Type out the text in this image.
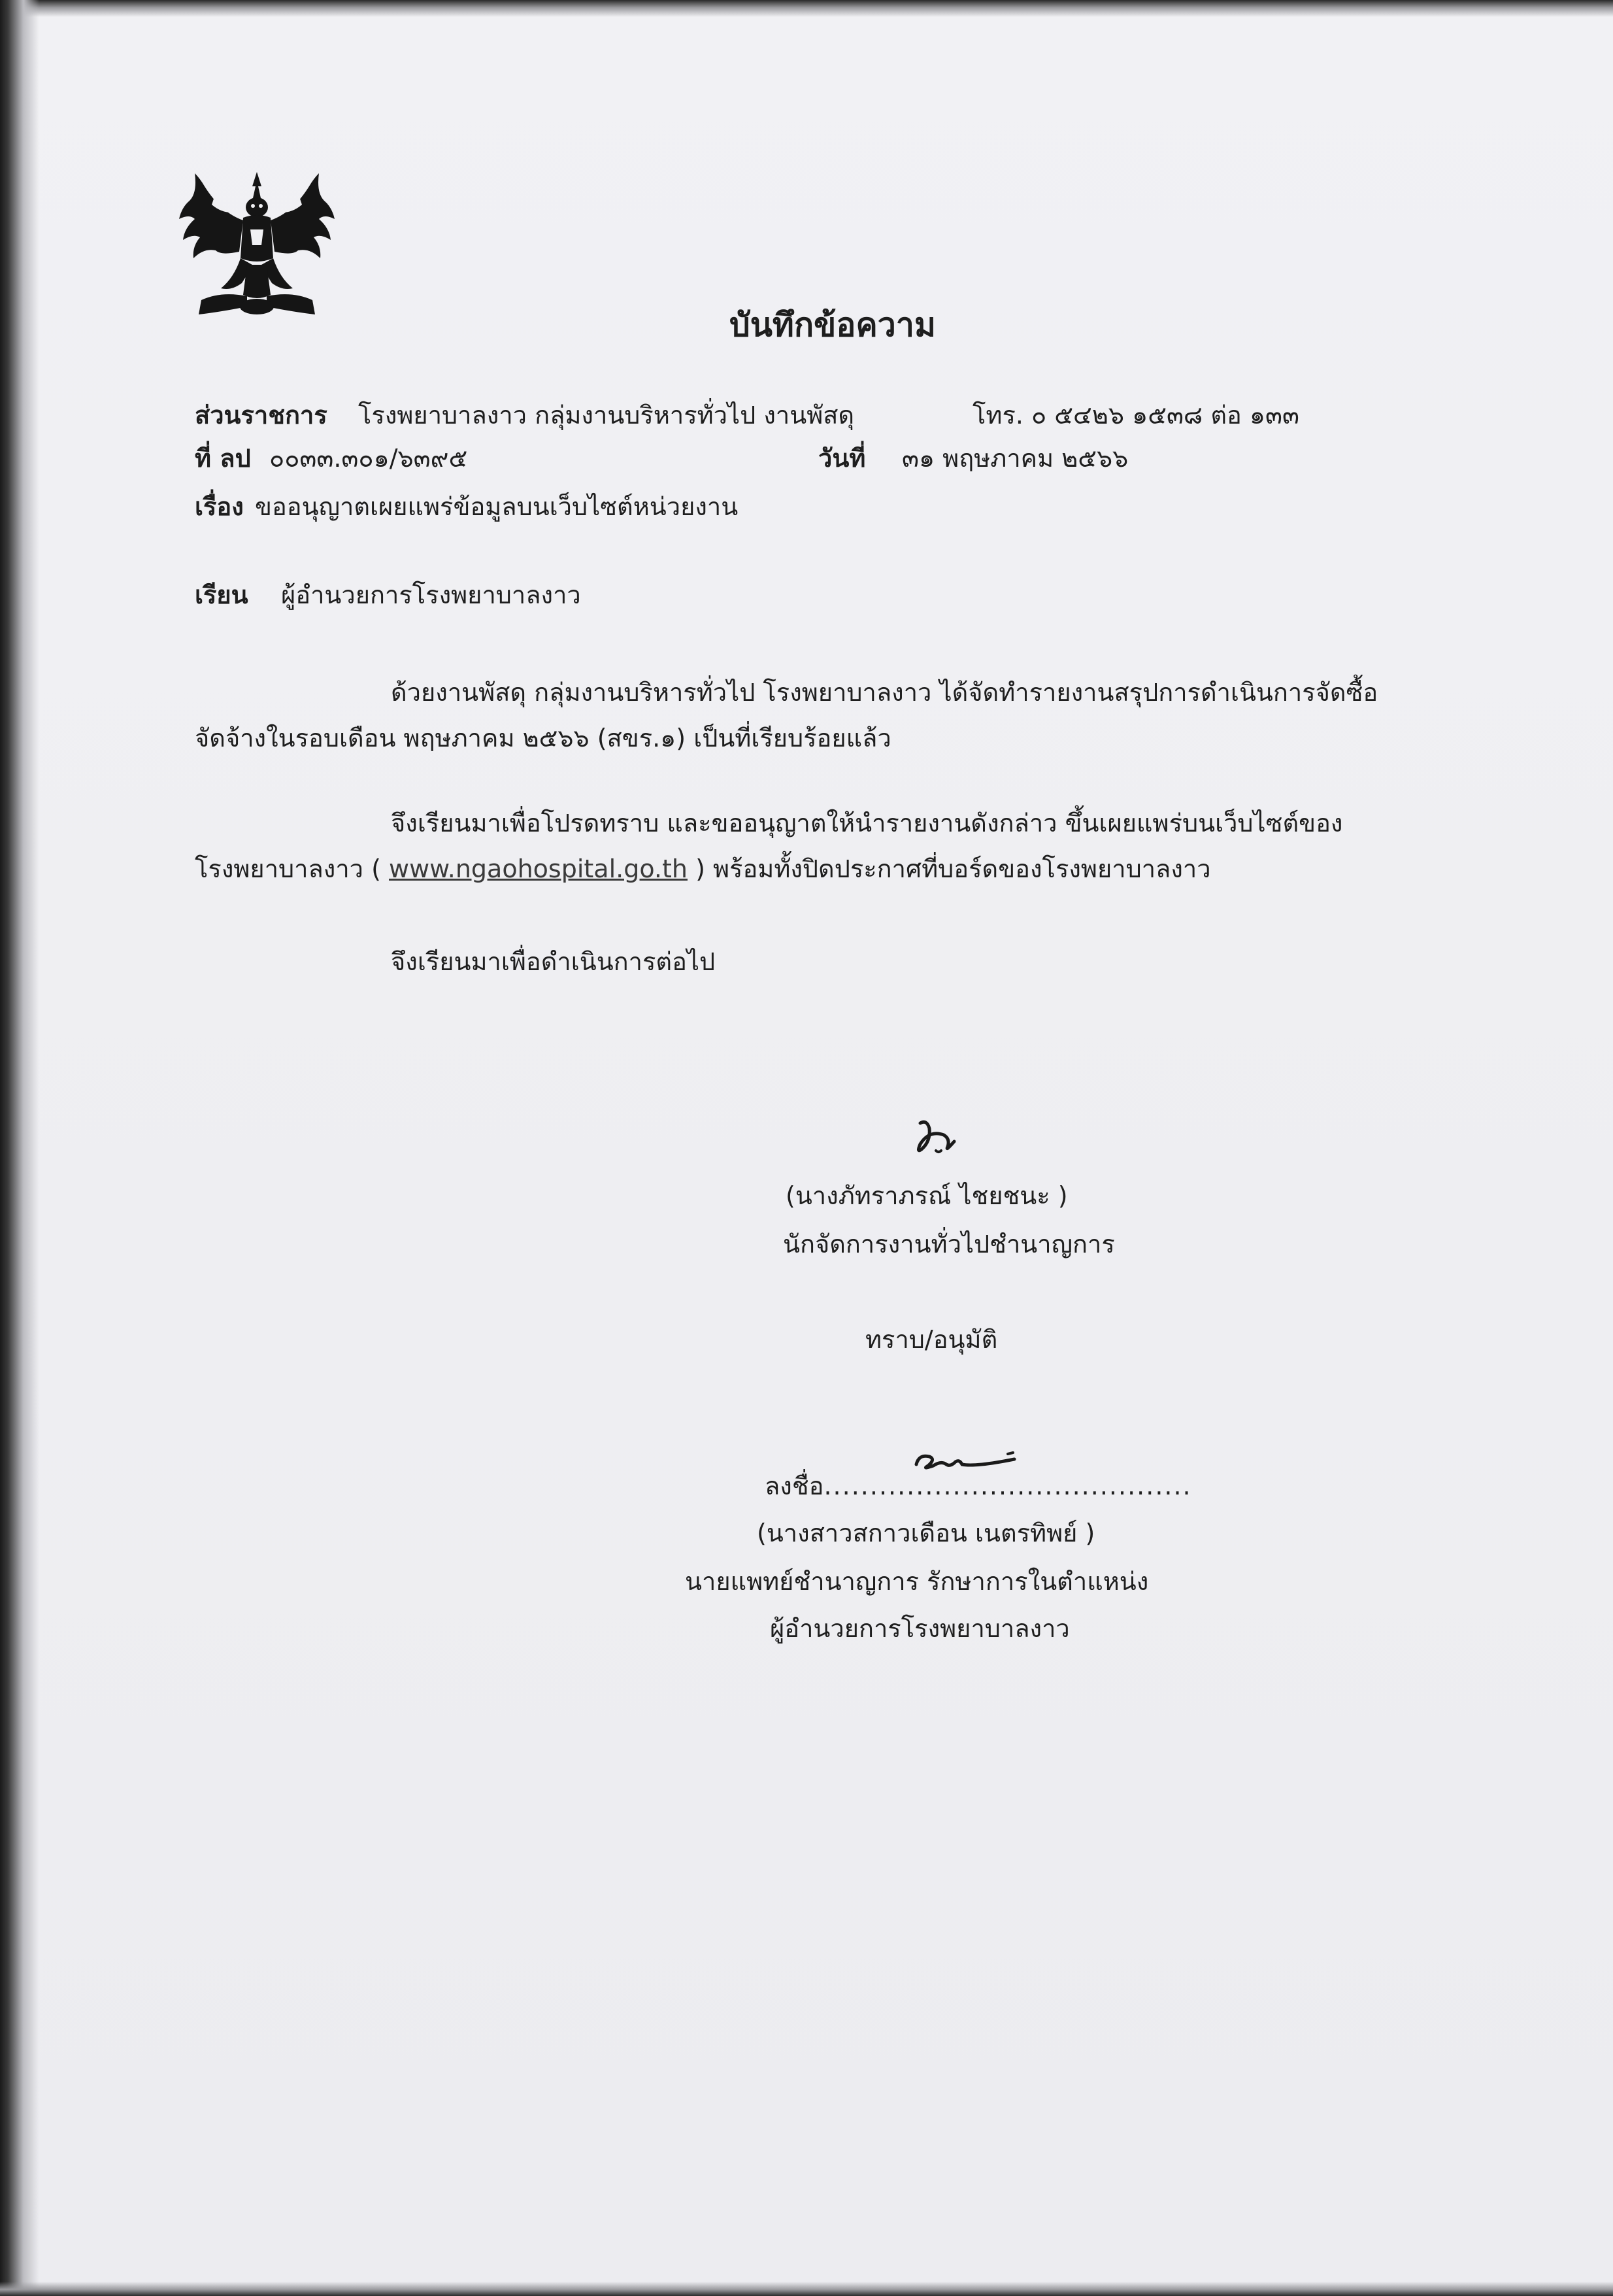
บันทึกข้อความ
ส่วนราชการ โรงพยาบาลงาว กลุ่มงานบริหารทั่วไป งานพัสดุ	โทร. ๐ ๕๔๒๖ ๑๕๓๘ ต่อ ๑๓๓
ที่ ลป ๐๐๓๓.๓๐๑/๖๓๙๕	วันที่ ๓๑ พฤษภาคม ๒๕๖๖
เรื่อง ขออนุญาตเผยแพร่ข้อมูลบนเว็บไซต์หน่วยงาน
เรียน ผู้อำนวยการโรงพยาบาลงาว
ด้วยงานพัสดุ กลุ่มงานบริหารทั่วไป โรงพยาบาลงาว ได้จัดทำรายงานสรุปการดำเนินการจัดซื้อ
จัดจ้างในรอบเดือน พฤษภาคม ๒๕๖๖ (สขร.๑) เป็นที่เรียบร้อยแล้ว
จึงเรียนมาเพื่อโปรดทราบ และขออนุญาตให้นำรายงานดังกล่าว ขึ้นเผยแพร่บนเว็บไซต์ของ
โรงพยาบาลงาว ( www.ngaohospital.go.th ) พร้อมทั้งปิดประกาศที่บอร์ดของโรงพยาบาลงาว
จึงเรียนมาเพื่อดำเนินการต่อไป
(นางภัทราภรณ์ ไชยชนะ )
นักจัดการงานทั่วไปชำนาญการ
ทราบ/อนุมัติ
ลงชื่อ........................................
(นางสาวสกาวเดือน เนตรทิพย์ )
นายแพทย์ชำนาญการ รักษาการในตำแหน่ง
ผู้อำนวยการโรงพยาบาลงาว
